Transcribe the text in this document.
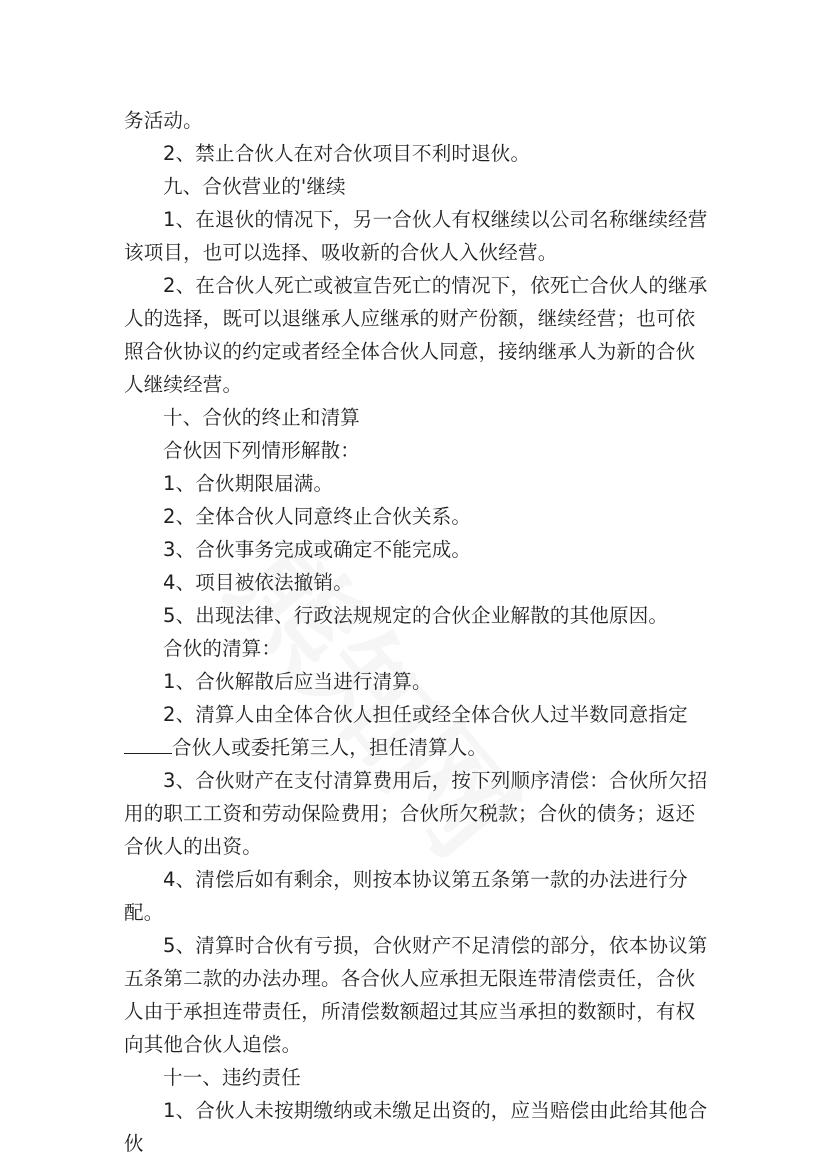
务活动。

2、禁止合伙人在对合伙项目不利时退伙。

九、合伙营业的'继续

1、在退伙的情况下，另一合伙人有权继续以公司名称继续经营该项目，也可以选择、吸收新的合伙人入伙经营。

2、在合伙人死亡或被宣告死亡的情况下，依死亡合伙人的继承人的选择，既可以退继承人应继承的财产份额，继续经营；也可依照合伙协议的约定或者经全体合伙人同意，接纳继承人为新的合伙人继续经营。

十、合伙的终止和清算

合伙因下列情形解散：

1、合伙期限届满。

2、全体合伙人同意终止合伙关系。

3、合伙事务完成或确定不能完成。

4、项目被依法撤销。

5、出现法律、行政法规规定的合伙企业解散的其他原因。

合伙的清算：

1、合伙解散后应当进行清算。

2、清算人由全体合伙人担任或经全体合伙人过半数同意指定合伙人或委托第三人，担任清算人。

3、合伙财产在支付清算费用后，按下列顺序清偿：合伙所欠招用的职工工资和劳动保险费用；合伙所欠税款；合伙的债务；返还合伙人的出资。

4、清偿后如有剩余，则按本协议第五条第一款的办法进行分配。

5、清算时合伙有亏损，合伙财产不足清偿的部分，依本协议第五条第二款的办法办理。各合伙人应承担无限连带清偿责任，合伙人由于承担连带责任，所清偿数额超过其应当承担的数额时，有权向其他合伙人追偿。

十一、违约责任

1、合伙人未按期缴纳或未缴足出资的，应当赔偿由此给其他合伙
